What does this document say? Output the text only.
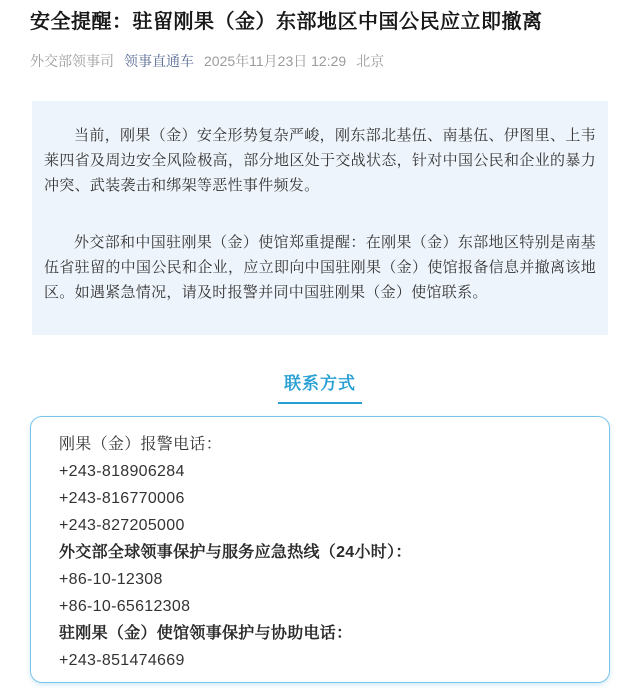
安全提醒：驻留刚果（金）东部地区中国公民应立即撤离
外交部领事司 领事直通车 2025年11月23日 12:29 北京

当前，刚果（金）安全形势复杂严峻，刚东部北基伍、南基伍、伊图里、上韦莱四省及周边安全风险极高，部分地区处于交战状态，针对中国公民和企业的暴力冲突、武装袭击和绑架等恶性事件频发。

外交部和中国驻刚果（金）使馆郑重提醒：在刚果（金）东部地区特别是南基伍省驻留的中国公民和企业，应立即向中国驻刚果（金）使馆报备信息并撤离该地区。如遇紧急情况，请及时报警并同中国驻刚果（金）使馆联系。

联系方式

刚果（金）报警电话：

+243-818906284

+243-816770006

+243-827205000

外交部全球领事保护与服务应急热线（24小时）：

+86-10-12308

+86-10-65612308

驻刚果（金）使馆领事保护与协助电话：

+243-851474669
